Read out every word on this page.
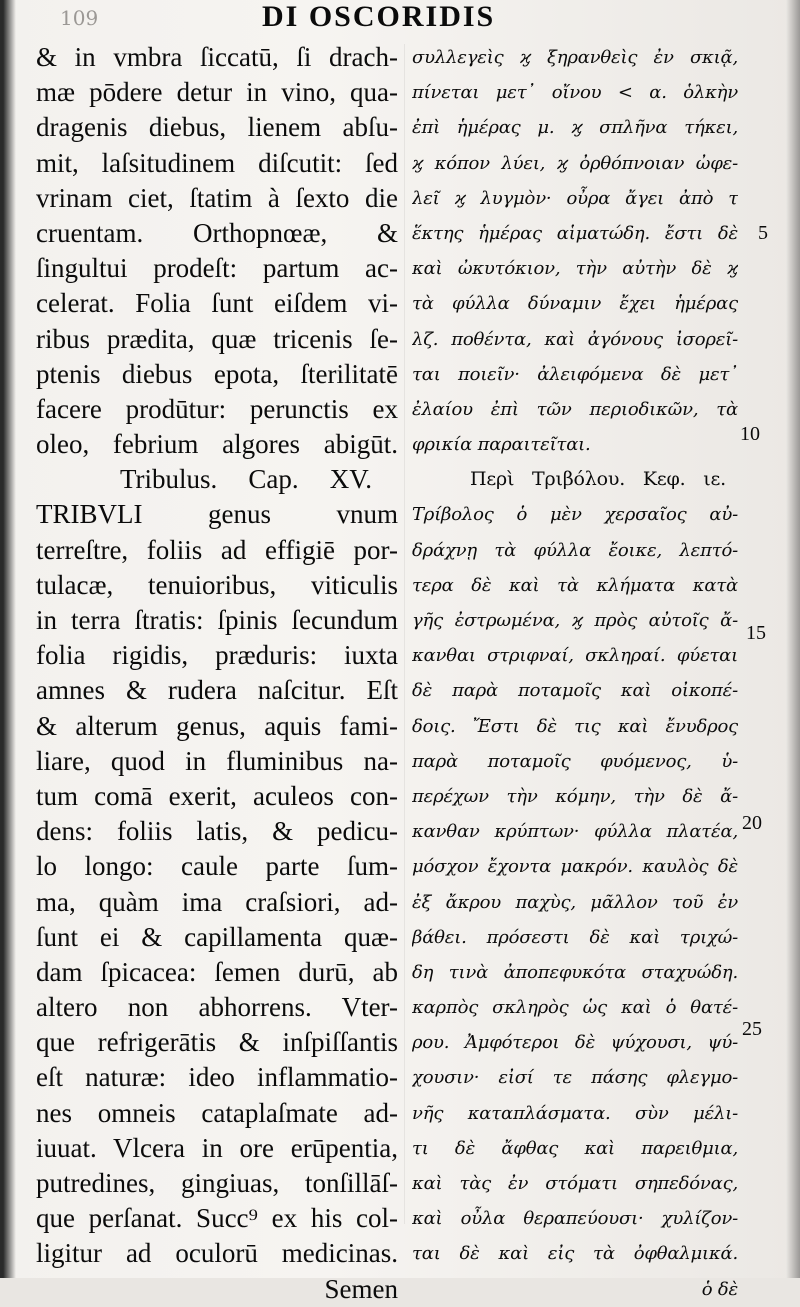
109	DI OSCORIDIS
& in vmbra ſiccatū, ſi drach-
mæ pōdere detur in vino, qua-
dragenis diebus, lienem abſu-
mit, laſsitudinem diſcutit: ſed
vrinam ciet, ſtatim à ſexto die
cruentam. Orthopnœæ, &
ſingultui prodeſt: partum ac-
celerat. Folia ſunt eiſdem vi-
ribus prædita, quæ tricenis ſe-
ptenis diebus epota, ſterilitatē
facere prodūtur: perunctis ex
oleo, febrium algores abigūt.
Tribulus. Cap. XV.
TRIBVLI genus vnum
terreſtre, foliis ad effigiē por-
tulacæ, tenuioribus, viticulis
in terra ſtratis: ſpinis ſecundum
folia rigidis, præduris: iuxta
amnes & rudera naſcitur. Eſt
& alterum genus, aquis fami-
liare, quod in fluminibus na-
tum comā exerit, aculeos con-
dens: foliis latis, & pedicu-
lo longo: caule parte ſum-
ma, quàm ima craſsiori, ad-
ſunt ei & capillamenta quæ-
dam ſpicacea: ſemen durū, ab
altero non abhorrens. Vter-
que refrigerātis & inſpiſſantis
eſt naturæ: ideo inflammatio-
nes omneis cataplaſmate ad-
iuuat. Vlcera in ore erūpentia,
putredines, gingiuas, tonſillāſ-
que perſanat. Succ⁹ ex his col-
ligitur ad oculorū medicinas.
Semen
συλλεγεὶς ϗ ξηρανθεὶς ἐν σκιᾷ,
πίνεται μετ᾽ οἴνου < α. ὁλκὴν
ἐπὶ ἡμέρας μ. ϗ σπλῆνα τήκει,
ϗ κόπον λύει, ϗ ὀρθόπνοιαν ὠφε-
λεῖ ϗ λυγμὸν· οὖρα ἄγει ἀπὸ τ
ἕκτης ἡμέρας αἱματώδη. ἔστι δὲ
καὶ ὠκυτόκιον, τὴν αὐτὴν δὲ ϗ
τὰ φύλλα δύναμιν ἔχει ἡμέρας
λζ. ποθέντα, καὶ ἀγόνους ἰσορεῖ-
ται ποιεῖν· ἀλειφόμενα δὲ μετ᾽
ἐλαίου ἐπὶ τῶν περιοδικῶν, τὰ
φρικία παραιτεῖται.
Περὶ Τριβόλου. Κεφ. ιε.
Τρίβολος ὁ μὲν χερσαῖος αὐ-
δράχνῃ τὰ φύλλα ἔοικε, λεπτό-
τερα δὲ καὶ τὰ κλήματα κατὰ
γῆς ἐστρωμένα, ϗ πρὸς αὐτοῖς ἄ-
κανθαι στριφναί, σκληραί. φύεται
δὲ παρὰ ποταμοῖς καὶ οἰκοπέ-
δοις. Ἔστι δὲ τις καὶ ἔνυδρος
παρὰ ποταμοῖς φυόμενος, ὑ-
περέχων τὴν κόμην, τὴν δὲ ἄ-
κανθαν κρύπτων· φύλλα πλατέα,
μόσχον ἔχοντα μακρόν. καυλὸς δὲ
ἐξ ἄκρου παχὺς, μᾶλλον τοῦ ἐν
βάθει. πρόσεστι δὲ καὶ τριχώ-
δη τινὰ ἀποπεφυκότα σταχυώδη.
καρπὸς σκληρὸς ὡς καὶ ὁ θατέ-
ρου. Ἀμφότεροι δὲ ψύχουσι, ψύ-
χουσιν· εἰσί τε πάσης φλεγμο-
νῆς καταπλάσματα. σὺν μέλι-
τι δὲ ἄφθας καὶ παρειθμια,
καὶ τὰς ἐν στόματι σηπεδόνας,
καὶ οὖλα θεραπεύουσι· χυλίζον-
ται δὲ καὶ εἰς τὰ ὀφθαλμικά.
ὁ δὲ
5
10
15
20
25
